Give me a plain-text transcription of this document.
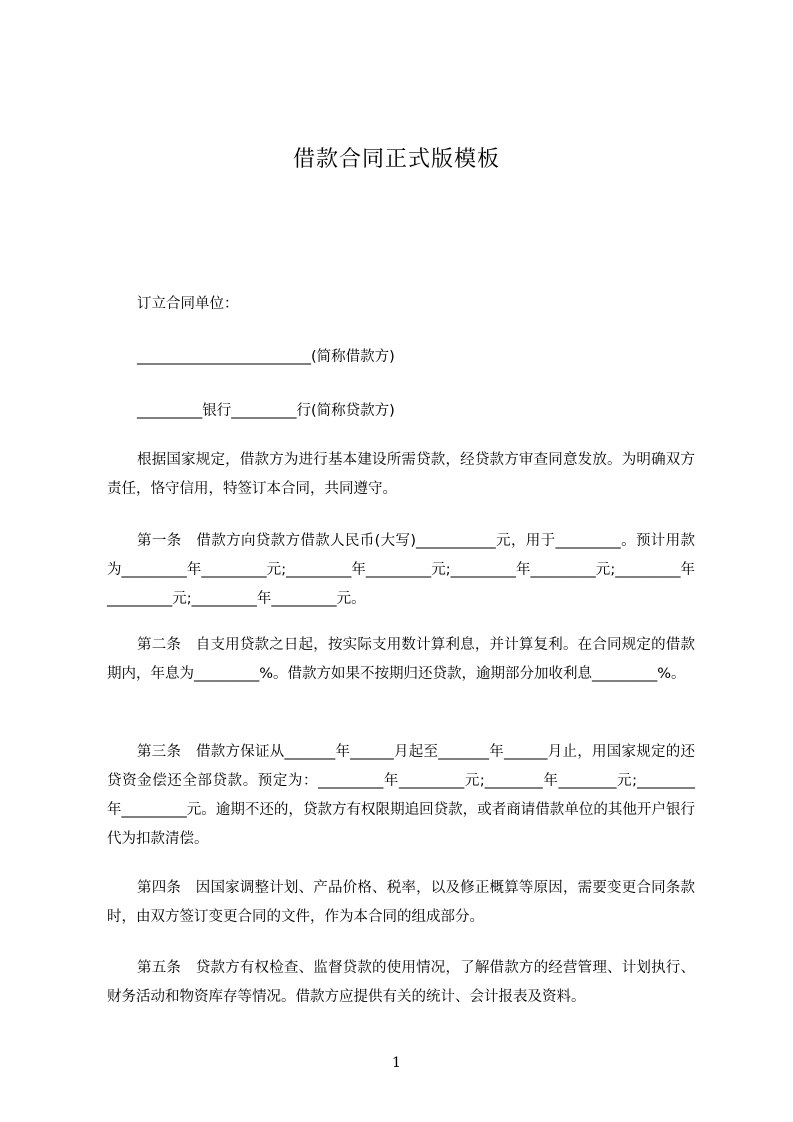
借款合同正式版模板

订立合同单位：

________________________(简称借款方)

_________银行_________行(简称贷款方)

根据国家规定，借款方为进行基本建设所需贷款，经贷款方审查同意发放。为明确双方责任，恪守信用，特签订本合同，共同遵守。

第一条　借款方向贷款方借款人民币(大写)___________元，用于_________。预计用款为_________年_________元;_________年_________元;_________年_________元;_________年_________元;_________年_________元。

第二条　自支用贷款之日起，按实际支用数计算利息，并计算复利。在合同规定的借款期内，年息为_________%。借款方如果不按期归还贷款，逾期部分加收利息_________%。

第三条　借款方保证从_______年______月起至_______年______月止，用国家规定的还贷资金偿还全部贷款。预定为：_________年_________元;________年________元;________年_________元。逾期不还的，贷款方有权限期追回贷款，或者商请借款单位的其他开户银行代为扣款清偿。

第四条　因国家调整计划、产品价格、税率，以及修正概算等原因，需要变更合同条款时，由双方签订变更合同的文件，作为本合同的组成部分。

第五条　贷款方有权检查、监督贷款的使用情况，了解借款方的经营管理、计划执行、财务活动和物资库存等情况。借款方应提供有关的统计、会计报表及资料。

1
